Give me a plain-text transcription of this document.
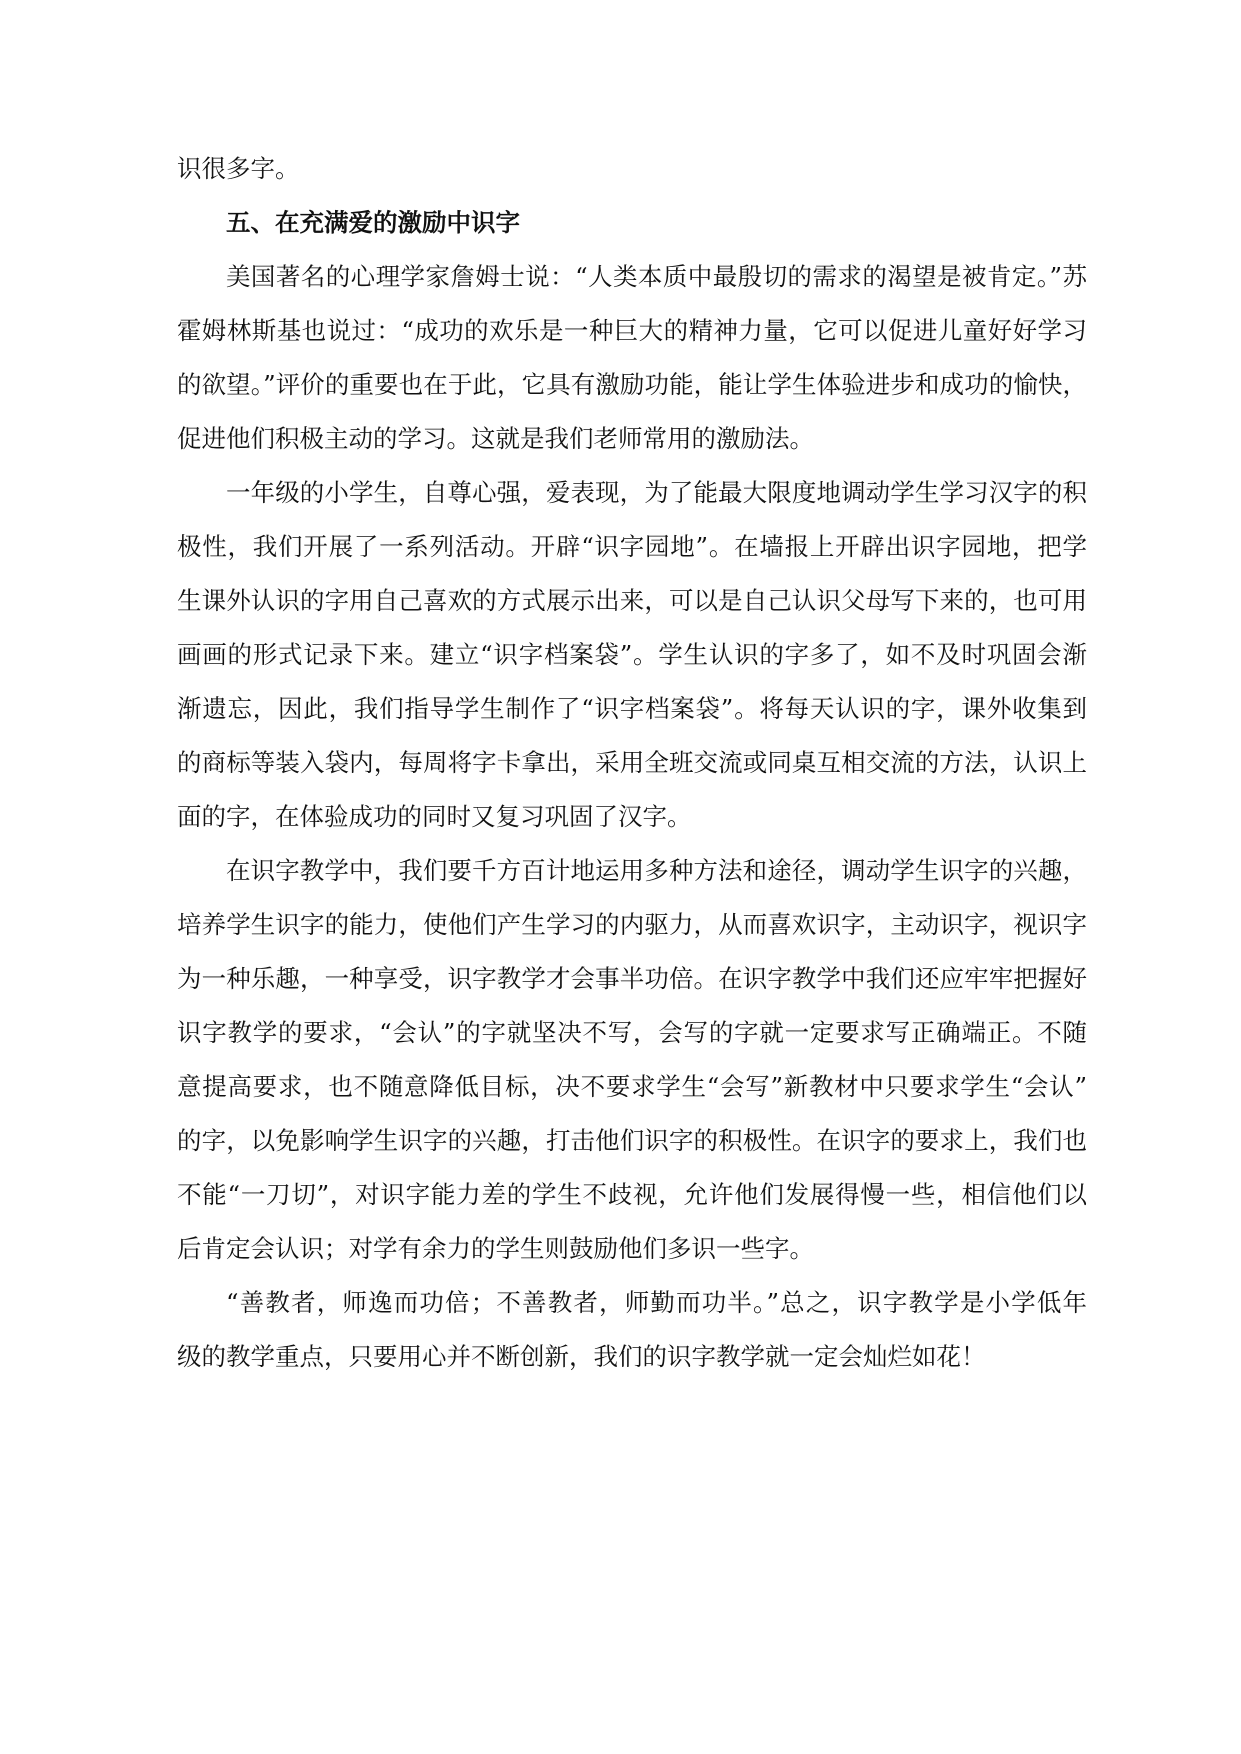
识很多字。

五、在充满爱的激励中识字

美国著名的心理学家詹姆士说：“人类本质中最殷切的需求的渴望是被肯定。”苏

霍姆林斯基也说过：“成功的欢乐是一种巨大的精神力量，它可以促进儿童好好学习

的欲望。”评价的重要也在于此，它具有激励功能，能让学生体验进步和成功的愉快，

促进他们积极主动的学习。这就是我们老师常用的激励法。

一年级的小学生，自尊心强，爱表现，为了能最大限度地调动学生学习汉字的积

极性，我们开展了一系列活动。开辟“识字园地”。在墙报上开辟出识字园地，把学

生课外认识的字用自己喜欢的方式展示出来，可以是自己认识父母写下来的，也可用

画画的形式记录下来。建立“识字档案袋”。学生认识的字多了，如不及时巩固会渐

渐遗忘，因此，我们指导学生制作了“识字档案袋”。将每天认识的字，课外收集到

的商标等装入袋内，每周将字卡拿出，采用全班交流或同桌互相交流的方法，认识上

面的字，在体验成功的同时又复习巩固了汉字。

在识字教学中，我们要千方百计地运用多种方法和途径，调动学生识字的兴趣，

培养学生识字的能力，使他们产生学习的内驱力，从而喜欢识字，主动识字，视识字

为一种乐趣，一种享受，识字教学才会事半功倍。在识字教学中我们还应牢牢把握好

识字教学的要求，“会认”的字就坚决不写，会写的字就一定要求写正确端正。不随

意提高要求，也不随意降低目标，决不要求学生“会写”新教材中只要求学生“会认”

的字，以免影响学生识字的兴趣，打击他们识字的积极性。在识字的要求上，我们也

不能“一刀切”，对识字能力差的学生不歧视，允许他们发展得慢一些，相信他们以

后肯定会认识；对学有余力的学生则鼓励他们多识一些字。

“善教者，师逸而功倍；不善教者，师勤而功半。”总之，识字教学是小学低年

级的教学重点，只要用心并不断创新，我们的识字教学就一定会灿烂如花！
